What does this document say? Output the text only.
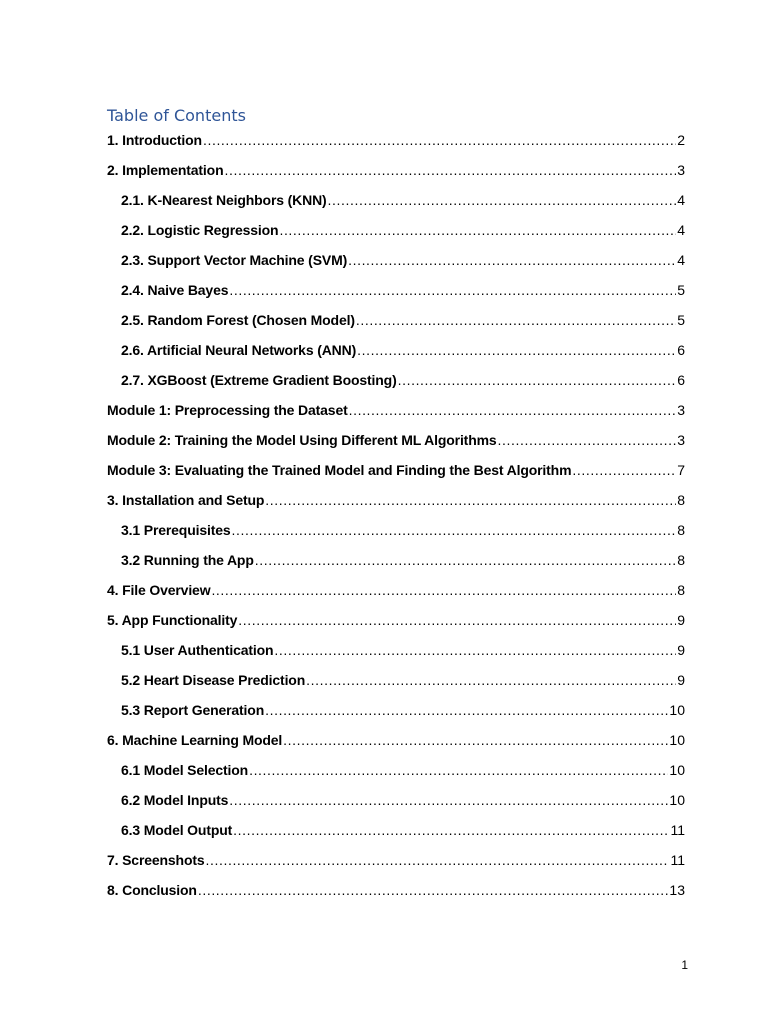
Table of Contents
1. Introduction .....	2
2. Implementation .....	3
2.1. K-Nearest Neighbors (KNN) .....	4
2.2. Logistic Regression .....	4
2.3. Support Vector Machine (SVM) .....	4
2.4. Naive Bayes .....	5
2.5. Random Forest (Chosen Model) .....	5
2.6. Artificial Neural Networks (ANN) .....	6
2.7. XGBoost (Extreme Gradient Boosting) .....	6
Module 1: Preprocessing the Dataset .....	3
Module 2: Training the Model Using Different ML Algorithms .....	3
Module 3: Evaluating the Trained Model and Finding the Best Algorithm .....	7
3. Installation and Setup .....	8
3.1 Prerequisites .....	8
3.2 Running the App .....	8
4. File Overview .....	8
5. App Functionality .....	9
5.1 User Authentication .....	9
5.2 Heart Disease Prediction .....	9
5.3 Report Generation .....	10
6. Machine Learning Model .....	10
6.1 Model Selection .....	10
6.2 Model Inputs .....	10
6.3 Model Output .....	11
7. Screenshots .....	11
8. Conclusion .....	13
1
